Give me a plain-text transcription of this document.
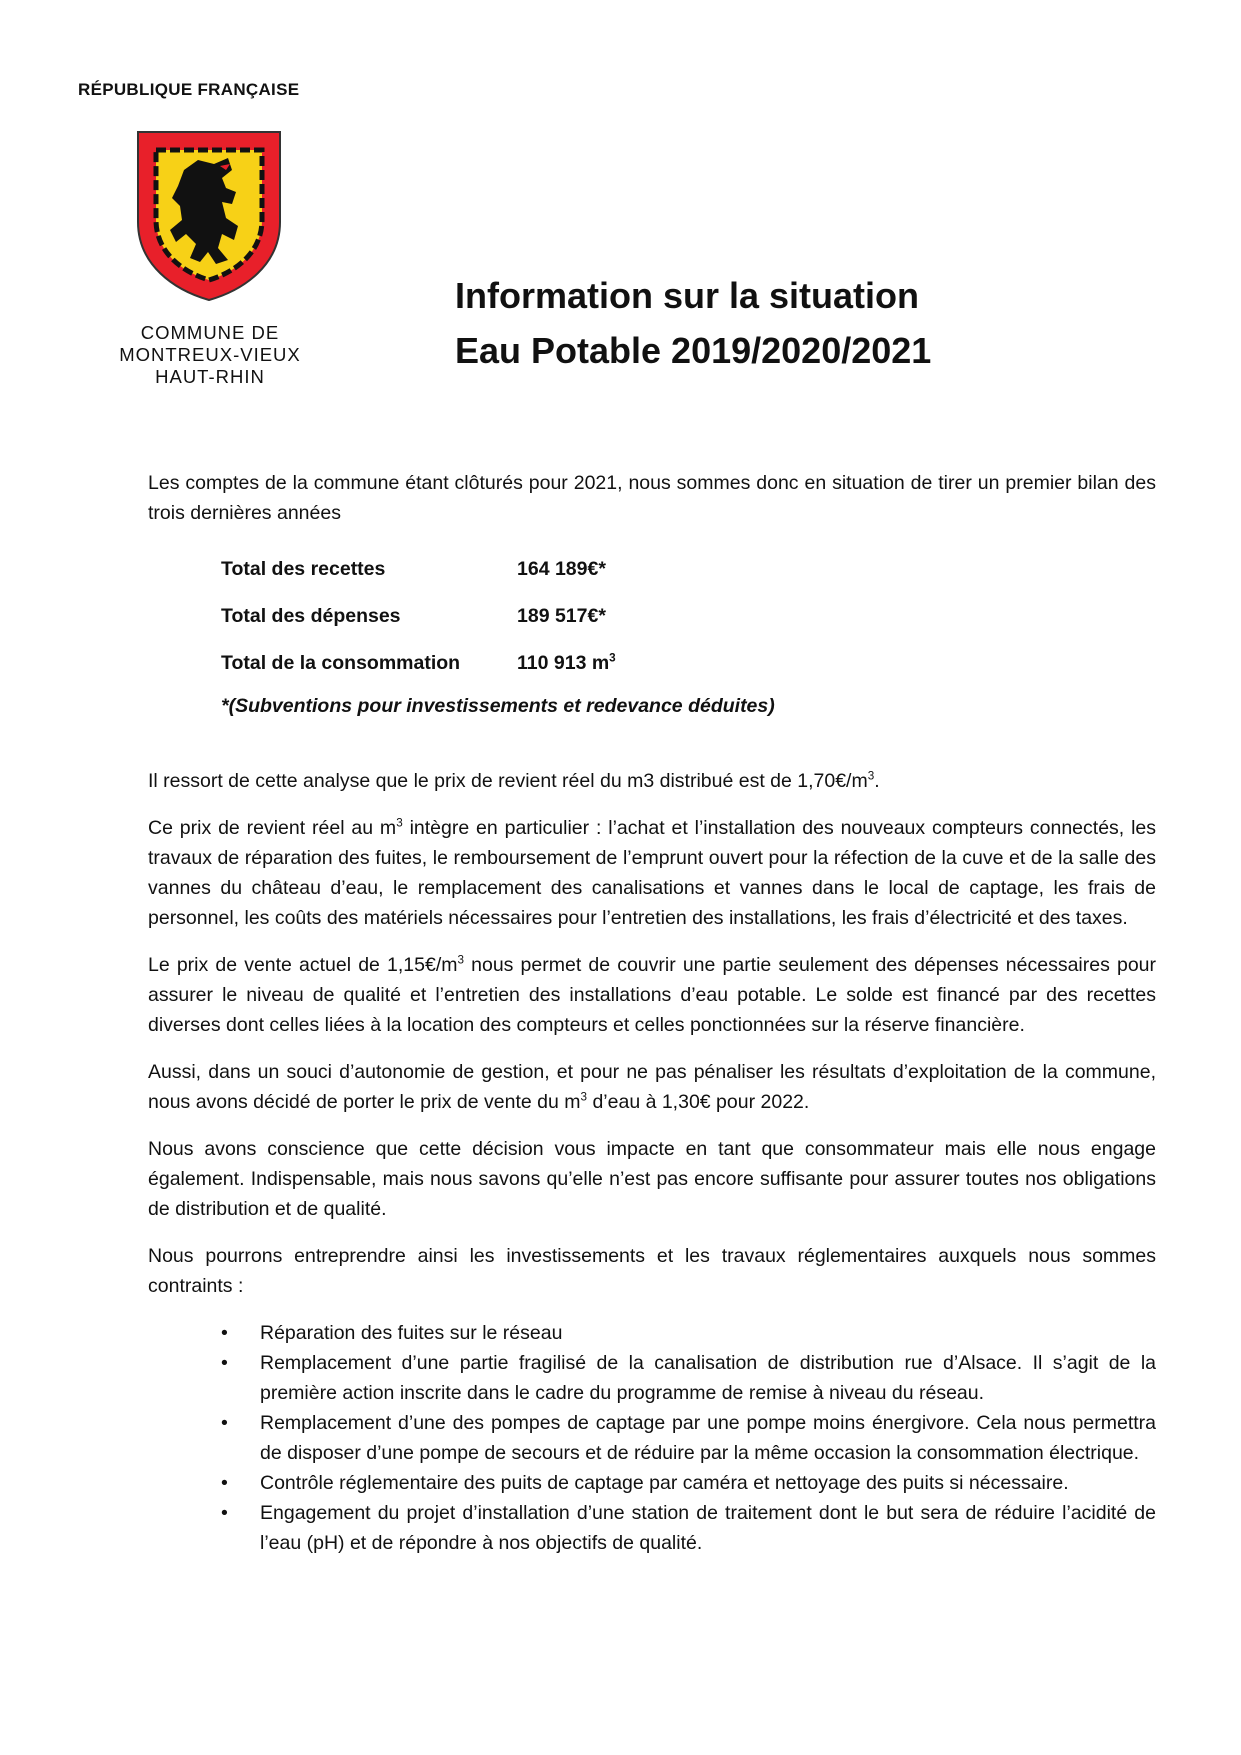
RÉPUBLIQUE FRANÇAISE
COMMUNE DE
MONTREUX-VIEUX
HAUT-RHIN
Information sur la situation
Eau Potable 2019/2020/2021

Les comptes de la commune étant clôturés pour 2021, nous sommes donc en situation de tirer un premier bilan des trois dernières années

Total des recettes	164 189€*
Total des dépenses	189 517€*
Total de la consommation	110 913 $m^3$
*(Subventions pour investissements et redevance déduites)

Il ressort de cette analyse que le prix de revient réel du m3 distribué est de $1,70€/m^3$.

Ce prix de revient réel au $m^3$ intègre en particulier : l’achat et l’installation des nouveaux compteurs connectés, les travaux de réparation des fuites, le remboursement de l’emprunt ouvert pour la réfection de la cuve et de la salle des vannes du château d’eau, le remplacement des canalisations et vannes dans le local de captage, les frais de personnel, les coûts des matériels nécessaires pour l’entretien des installations, les frais d’électricité et des taxes.

Le prix de vente actuel de $1,15€/m^3$ nous permet de couvrir une partie seulement des dépenses nécessaires pour assurer le niveau de qualité et l’entretien des installations d’eau potable. Le solde est financé par des recettes diverses dont celles liées à la location des compteurs et celles ponctionnées sur la réserve financière.

Aussi, dans un souci d’autonomie de gestion, et pour ne pas pénaliser les résultats d’exploitation de la commune, nous avons décidé de porter le prix de vente du $m^3$ d’eau à 1,30€ pour 2022.

Nous avons conscience que cette décision vous impacte en tant que consommateur mais elle nous engage également. Indispensable, mais nous savons qu’elle n’est pas encore suffisante pour assurer toutes nos obligations de distribution et de qualité.

Nous pourrons entreprendre ainsi les investissements et les travaux réglementaires auxquels nous sommes contraints :

• Réparation des fuites sur le réseau
• Remplacement d’une partie fragilisé de la canalisation de distribution rue d’Alsace. Il s’agit de la première action inscrite dans le cadre du programme de remise à niveau du réseau.
• Remplacement d’une des pompes de captage par une pompe moins énergivore. Cela nous permettra de disposer d’une pompe de secours et de réduire par la même occasion la consommation électrique.
• Contrôle réglementaire des puits de captage par caméra et nettoyage des puits si nécessaire.
• Engagement du projet d’installation d’une station de traitement dont le but sera de réduire l’acidité de l’eau (pH) et de répondre à nos objectifs de qualité.
